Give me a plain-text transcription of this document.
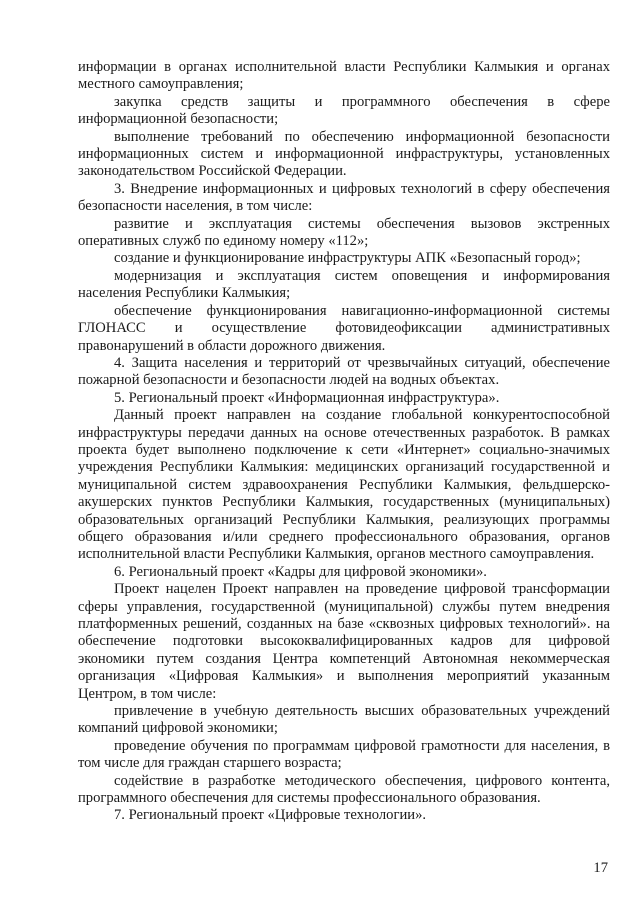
информации в органах исполнительной власти Республики Калмыкия и органах местного самоуправления;

закупка средств защиты и программного обеспечения в сфере информационной безопасности;

выполнение требований по обеспечению информационной безопасности информационных систем и информационной инфраструктуры, установленных законодательством Российской Федерации.

3. Внедрение информационных и цифровых технологий в сферу обеспечения безопасности населения, в том числе:

развитие и эксплуатация системы обеспечения вызовов экстренных оперативных служб по единому номеру «112»;

создание и функционирование инфраструктуры АПК «Безопасный город»;

модернизация и эксплуатация систем оповещения и информирования населения Республики Калмыкия;

обеспечение функционирования навигационно-информационной системы ГЛОНАСС и осуществление фотовидеофиксации административных правонарушений в области дорожного движения.

4. Защита населения и территорий от чрезвычайных ситуаций, обеспечение пожарной безопасности и безопасности людей на водных объектах.

5. Региональный проект «Информационная инфраструктура».

Данный проект направлен на создание глобальной конкурентоспособной инфраструктуры передачи данных на основе отечественных разработок. В рамках проекта будет выполнено подключение к сети «Интернет» социально-значимых учреждения Республики Калмыкия: медицинских организаций государственной и муниципальной систем здравоохранения Республики Калмыкия, фельдшерско-акушерских пунктов Республики Калмыкия, государственных (муниципальных) образовательных организаций Республики Калмыкия, реализующих программы общего образования и/или среднего профессионального образования, органов исполнительной власти Республики Калмыкия, органов местного самоуправления.

6. Региональный проект «Кадры для цифровой экономики».

Проект нацелен Проект направлен на проведение цифровой трансформации сферы управления, государственной (муниципальной) службы путем внедрения платформенных решений, созданных на базе «сквозных цифровых технологий». на обеспечение подготовки высококвалифицированных кадров для цифровой экономики путем создания Центра компетенций Автономная некоммерческая организация «Цифровая Калмыкия» и выполнения мероприятий указанным Центром, в том числе:

привлечение в учебную деятельность высших образовательных учреждений компаний цифровой экономики;

проведение обучения по программам цифровой грамотности для населения, в том числе для граждан старшего возраста;

содействие в разработке методического обеспечения, цифрового контента, программного обеспечения для системы профессионального образования.

7. Региональный проект «Цифровые технологии».

17
